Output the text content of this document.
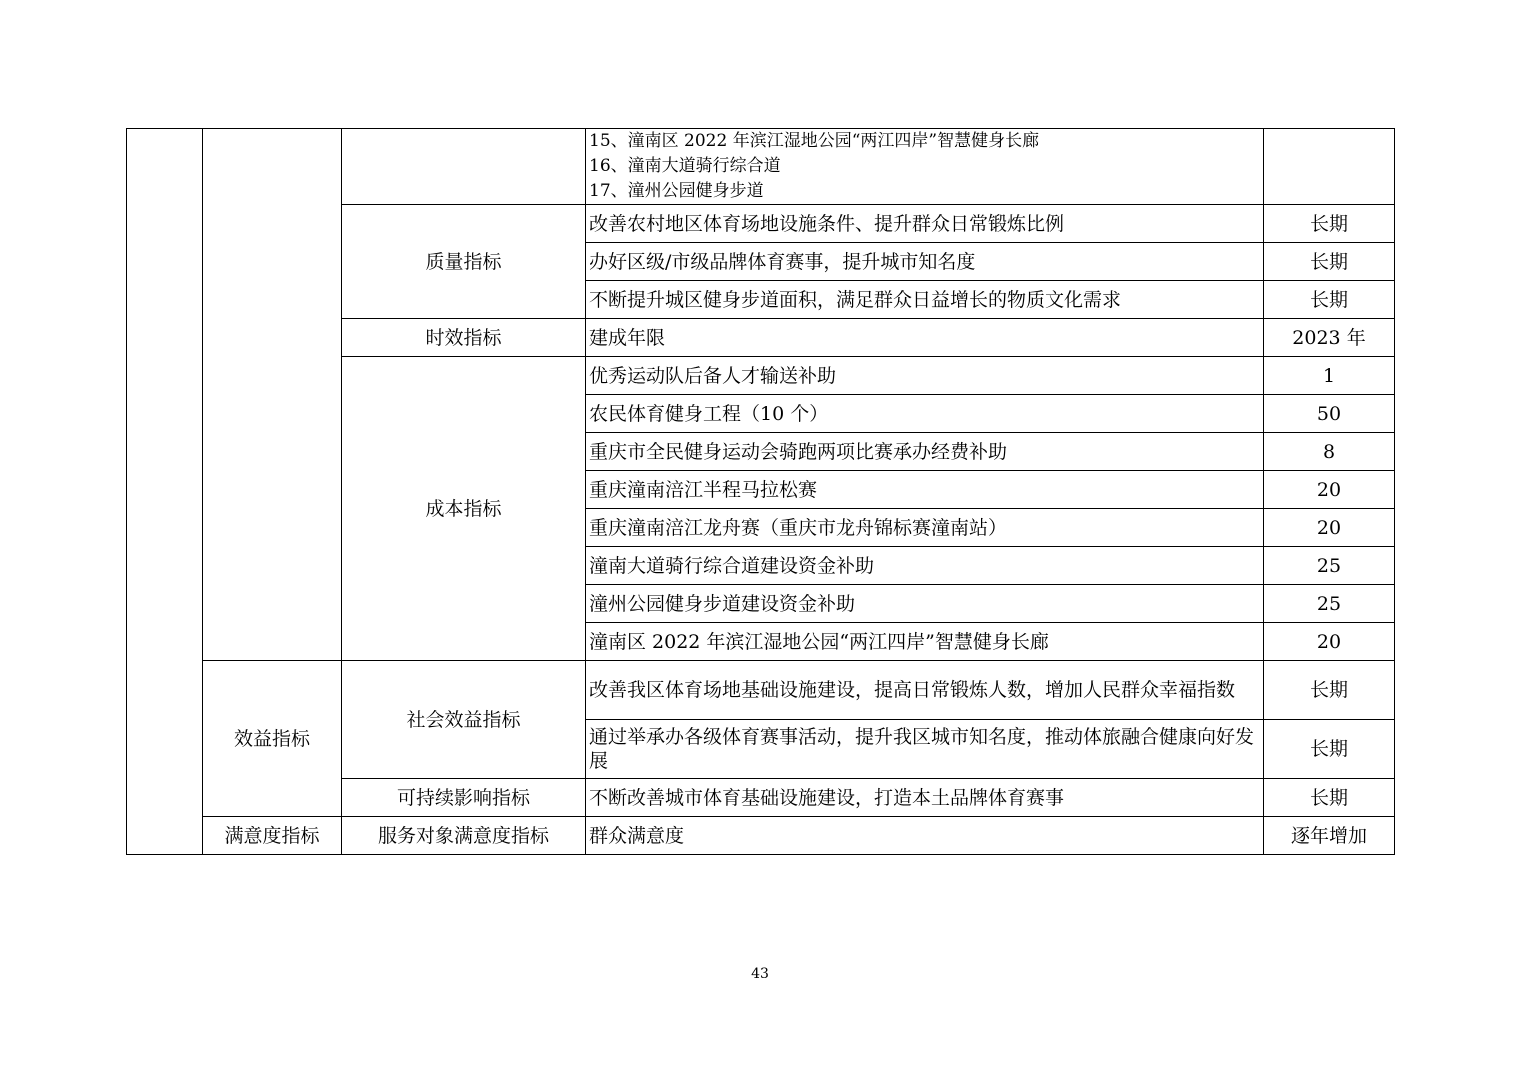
			15、潼南区 2022 年滨江湿地公园“两江四岸”智慧健身长廊
16、潼南大道骑行综合道
17、潼州公园健身步道	

		质量指标	改善农村地区体育场地设施条件、提升群众日常锻炼比例	长期
			办好区级/市级品牌体育赛事，提升城市知名度	长期
			不断提升城区健身步道面积，满足群众日益增长的物质文化需求	长期
		时效指标	建成年限	2023 年
		成本指标	优秀运动队后备人才输送补助	1
			农民体育健身工程（10 个）	50
			重庆市全民健身运动会骑跑两项比赛承办经费补助	8
			重庆潼南涪江半程马拉松赛	20
			重庆潼南涪江龙舟赛（重庆市龙舟锦标赛潼南站）	20
			潼南大道骑行综合道建设资金补助	25
			潼州公园健身步道建设资金补助	25
			潼南区 2022 年滨江湿地公园“两江四岸”智慧健身长廊	20
	效益指标	社会效益指标	改善我区体育场地基础设施建设，提高日常锻炼人数，增加人民群众幸福指数	长期
			通过举承办各级体育赛事活动，提升我区城市知名度，推动体旅融合健康向好发展	长期
		可持续影响指标	不断改善城市体育基础设施建设，打造本土品牌体育赛事	长期
	满意度指标	服务对象满意度指标	群众满意度	逐年增加
43
